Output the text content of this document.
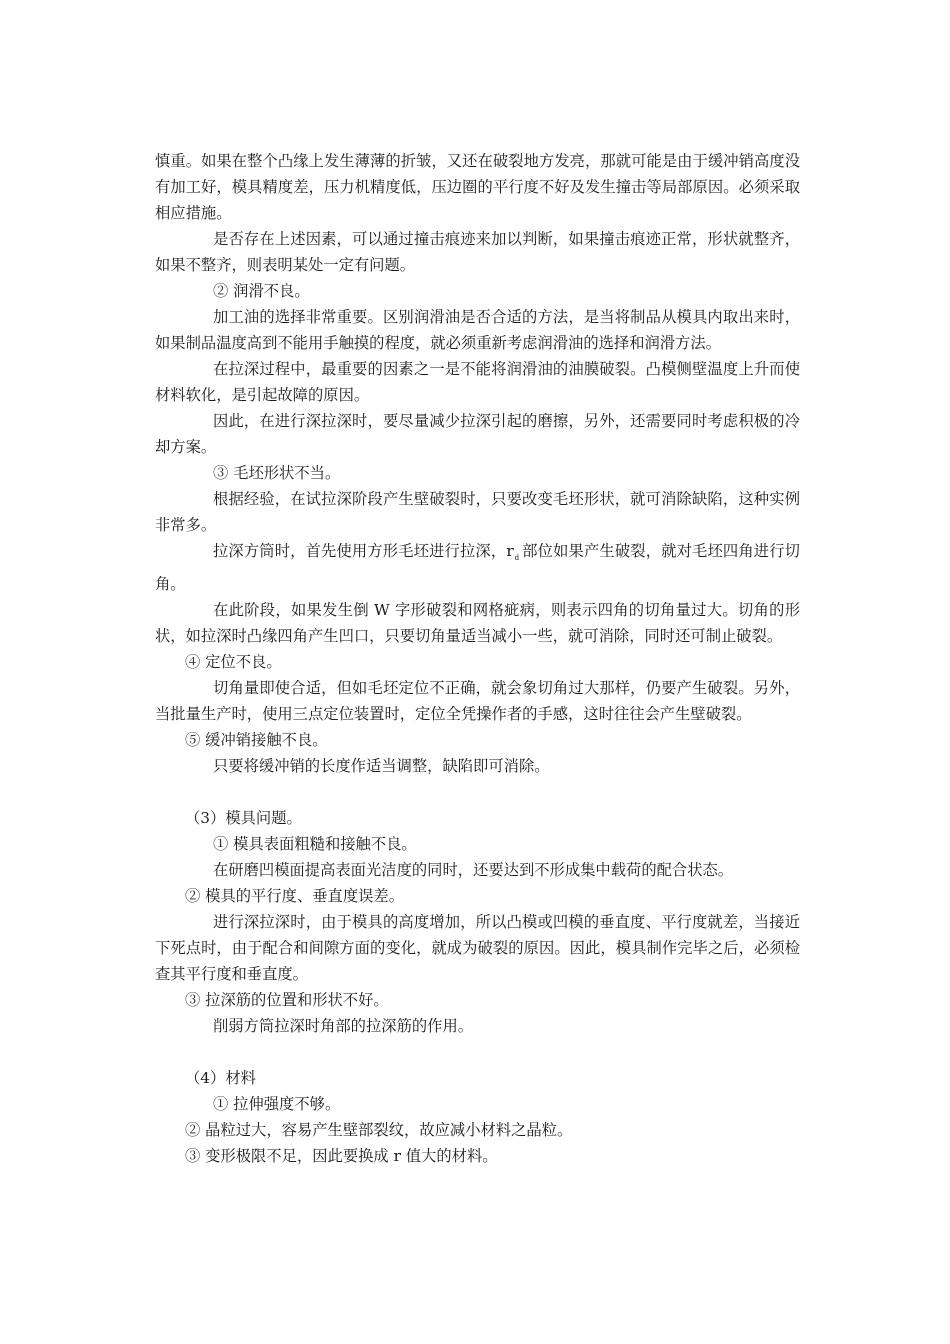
慎重。如果在整个凸缘上发生薄薄的折皱，又还在破裂地方发亮，那就可能是由于缓冲销高度没有加工好，模具精度差，压力机精度低，压边圈的平行度不好及发生撞击等局部原因。必须采取相应措施。

是否存在上述因素，可以通过撞击痕迹来加以判断，如果撞击痕迹正常，形状就整齐，如果不整齐，则表明某处一定有问题。

② 润滑不良。

加工油的选择非常重要。区别润滑油是否合适的方法，是当将制品从模具内取出来时，如果制品温度高到不能用手触摸的程度，就必须重新考虑润滑油的选择和润滑方法。

在拉深过程中，最重要的因素之一是不能将润滑油的油膜破裂。凸模侧壁温度上升而使材料软化，是引起故障的原因。

因此，在进行深拉深时，要尽量减少拉深引起的磨擦，另外，还需要同时考虑积极的冷却方案。

③ 毛坯形状不当。

根据经验，在试拉深阶段产生壁破裂时，只要改变毛坯形状，就可消除缺陷，这种实例非常多。

拉深方筒时，首先使用方形毛坯进行拉深，$r_d$ 部位如果产生破裂，就对毛坯四角进行切角。

在此阶段，如果发生倒 W 字形破裂和网格疵病，则表示四角的切角量过大。切角的形状，如拉深时凸缘四角产生凹口，只要切角量适当减小一些，就可消除，同时还可制止破裂。

④ 定位不良。

切角量即使合适，但如毛坯定位不正确，就会象切角过大那样，仍要产生破裂。另外，当批量生产时，使用三点定位装置时，定位全凭操作者的手感，这时往往会产生壁破裂。

⑤ 缓冲销接触不良。

只要将缓冲销的长度作适当调整，缺陷即可消除。

（3）模具问题。

① 模具表面粗糙和接触不良。

在研磨凹模面提高表面光洁度的同时，还要达到不形成集中载荷的配合状态。

② 模具的平行度、垂直度误差。

进行深拉深时，由于模具的高度增加，所以凸模或凹模的垂直度、平行度就差，当接近下死点时，由于配合和间隙方面的变化，就成为破裂的原因。因此，模具制作完毕之后，必须检查其平行度和垂直度。

③ 拉深筋的位置和形状不好。

削弱方筒拉深时角部的拉深筋的作用。

（4）材料

① 拉伸强度不够。

② 晶粒过大，容易产生壁部裂纹，故应减小材料之晶粒。

③ 变形极限不足，因此要换成 r 值大的材料。
